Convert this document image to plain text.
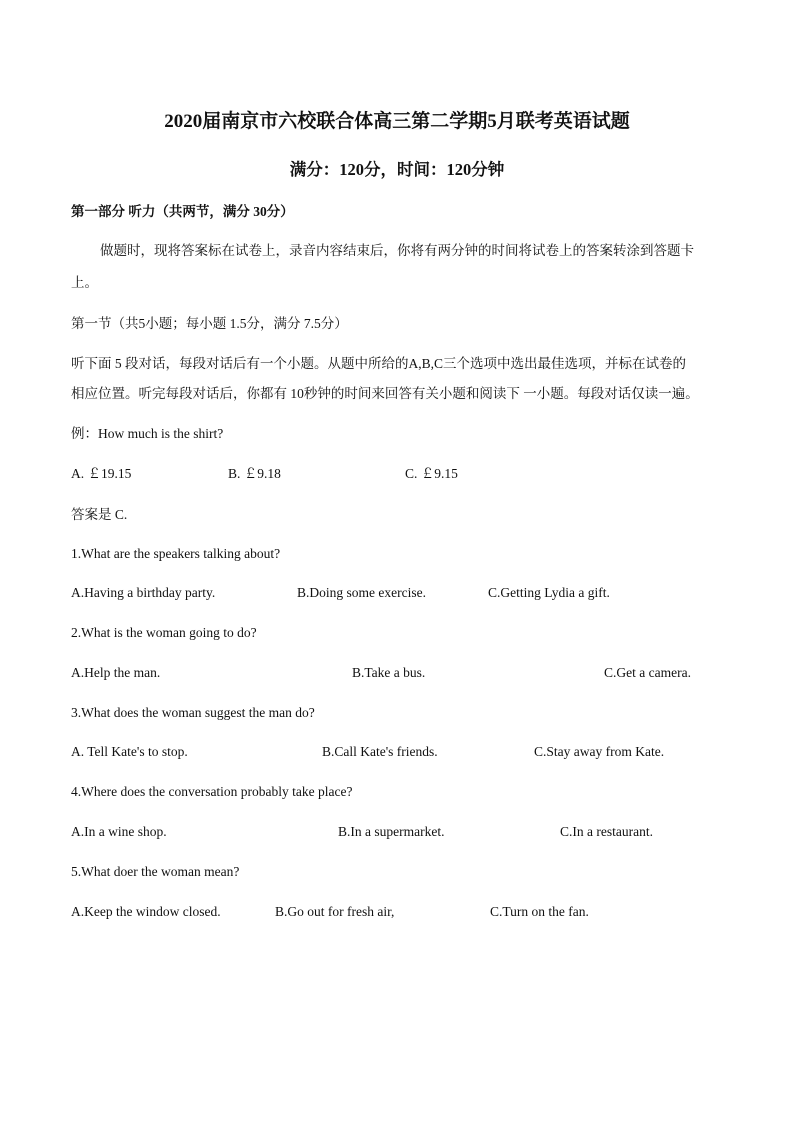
2020届南京市六校联合体高三第二学期5月联考英语试题
满分：120分，时间：120分钟
第一部分 听力（共两节，满分 30分）
做题时，现将答案标在试卷上，录音内容结束后，你将有两分钟的时间将试卷上的答案转涂到答题卡
上。
第一节（共5小题；每小题 1.5分，满分 7.5分）
听下面 5 段对话，每段对话后有一个小题。从题中所给的A,B,C三个选项中选出最佳选项，并标在试卷的
相应位置。听完每段对话后，你都有 10秒钟的时间来回答有关小题和阅读下 一小题。每段对话仅读一遍。
例：How much is the shirt?
A. ￡19.15	B. ￡9.18	C. ￡9.15
答案是 C.
1.What are the speakers talking about?
A.Having a birthday party.	B.Doing some exercise.	C.Getting Lydia a gift.
2.What is the woman going to do?
A.Help the man.	B.Take a bus.	C.Get a camera.
3.What does the woman suggest the man do?
A. Tell Kate's to stop.	B.Call Kate's friends.	C.Stay away from Kate.
4.Where does the conversation probably take place?
A.In a wine shop.	B.In a supermarket.	C.In a restaurant.
5.What doer the woman mean?
A.Keep the window closed.	B.Go out for fresh air,	C.Turn on the fan.
